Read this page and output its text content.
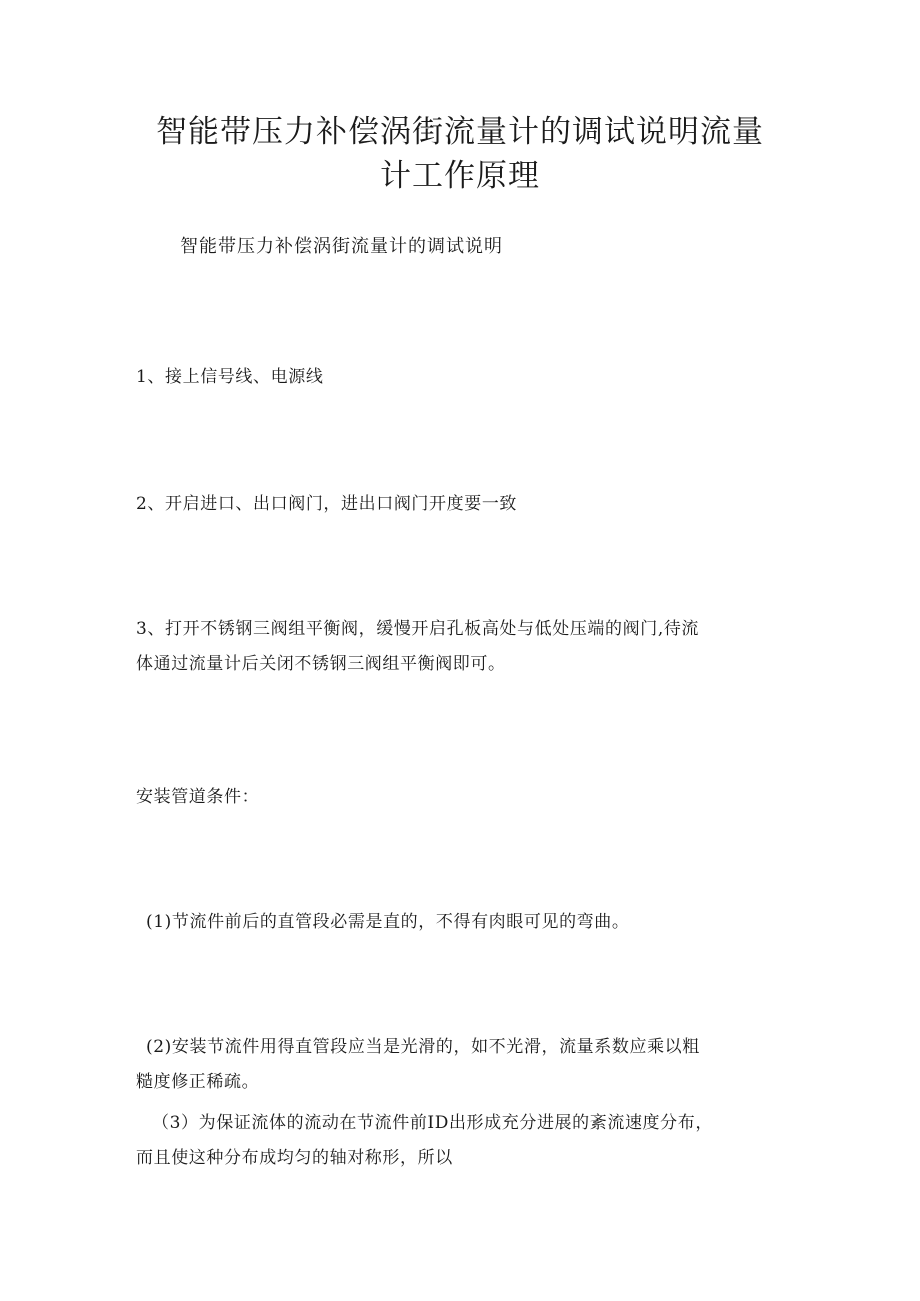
智能带压力补偿涡街流量计的调试说明流量
计工作原理

智能带压力补偿涡街流量计的调试说明

1、接上信号线、电源线

2、开启进口、出口阀门，进出口阀门开度要一致

3、打开不锈钢三阀组平衡阀，缓慢开启孔板高处与低处压端的阀门,待流

体通过流量计后关闭不锈钢三阀组平衡阀即可。

安装管道条件：

(1)节流件前后的直管段必需是直的，不得有肉眼可见的弯曲。

(2)安装节流件用得直管段应当是光滑的，如不光滑，流量系数应乘以粗

糙度修正稀疏。

（3）为保证流体的流动在节流件前ID出形成充分进展的紊流速度分布，

而且使这种分布成均匀的轴对称形，所以
